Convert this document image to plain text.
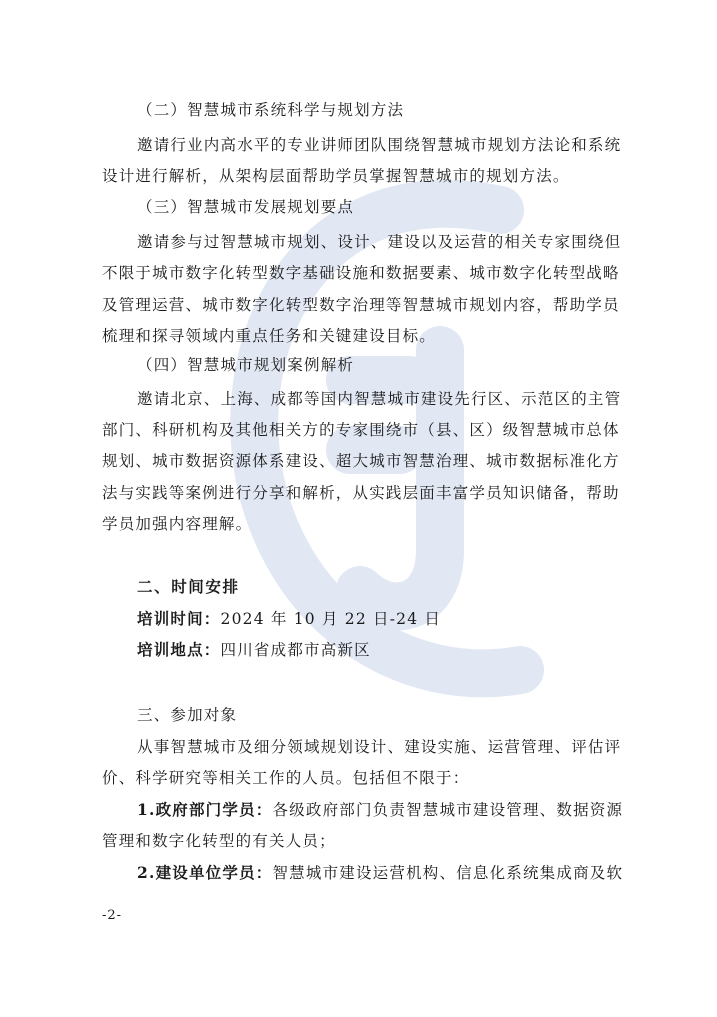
（二）智慧城市系统科学与规划方法
邀请行业内高水平的专业讲师团队围绕智慧城市规划方法论和系统
设计进行解析，从架构层面帮助学员掌握智慧城市的规划方法。
（三）智慧城市发展规划要点
邀请参与过智慧城市规划、设计、建设以及运营的相关专家围绕但
不限于城市数字化转型数字基础设施和数据要素、城市数字化转型战略
及管理运营、城市数字化转型数字治理等智慧城市规划内容，帮助学员
梳理和探寻领域内重点任务和关键建设目标。
（四）智慧城市规划案例解析
邀请北京、上海、成都等国内智慧城市建设先行区、示范区的主管
部门、科研机构及其他相关方的专家围绕市（县、区）级智慧城市总体
规划、城市数据资源体系建设、超大城市智慧治理、城市数据标准化方
法与实践等案例进行分享和解析，从实践层面丰富学员知识储备，帮助
学员加强内容理解。
二、时间安排
培训时间：2024 年 10 月 22 日-24 日
培训地点：四川省成都市高新区
三、参加对象
从事智慧城市及细分领域规划设计、建设实施、运营管理、评估评
价、科学研究等相关工作的人员。包括但不限于：
1.政府部门学员：各级政府部门负责智慧城市建设管理、数据资源
管理和数字化转型的有关人员；
2.建设单位学员：智慧城市建设运营机构、信息化系统集成商及软
-2-
